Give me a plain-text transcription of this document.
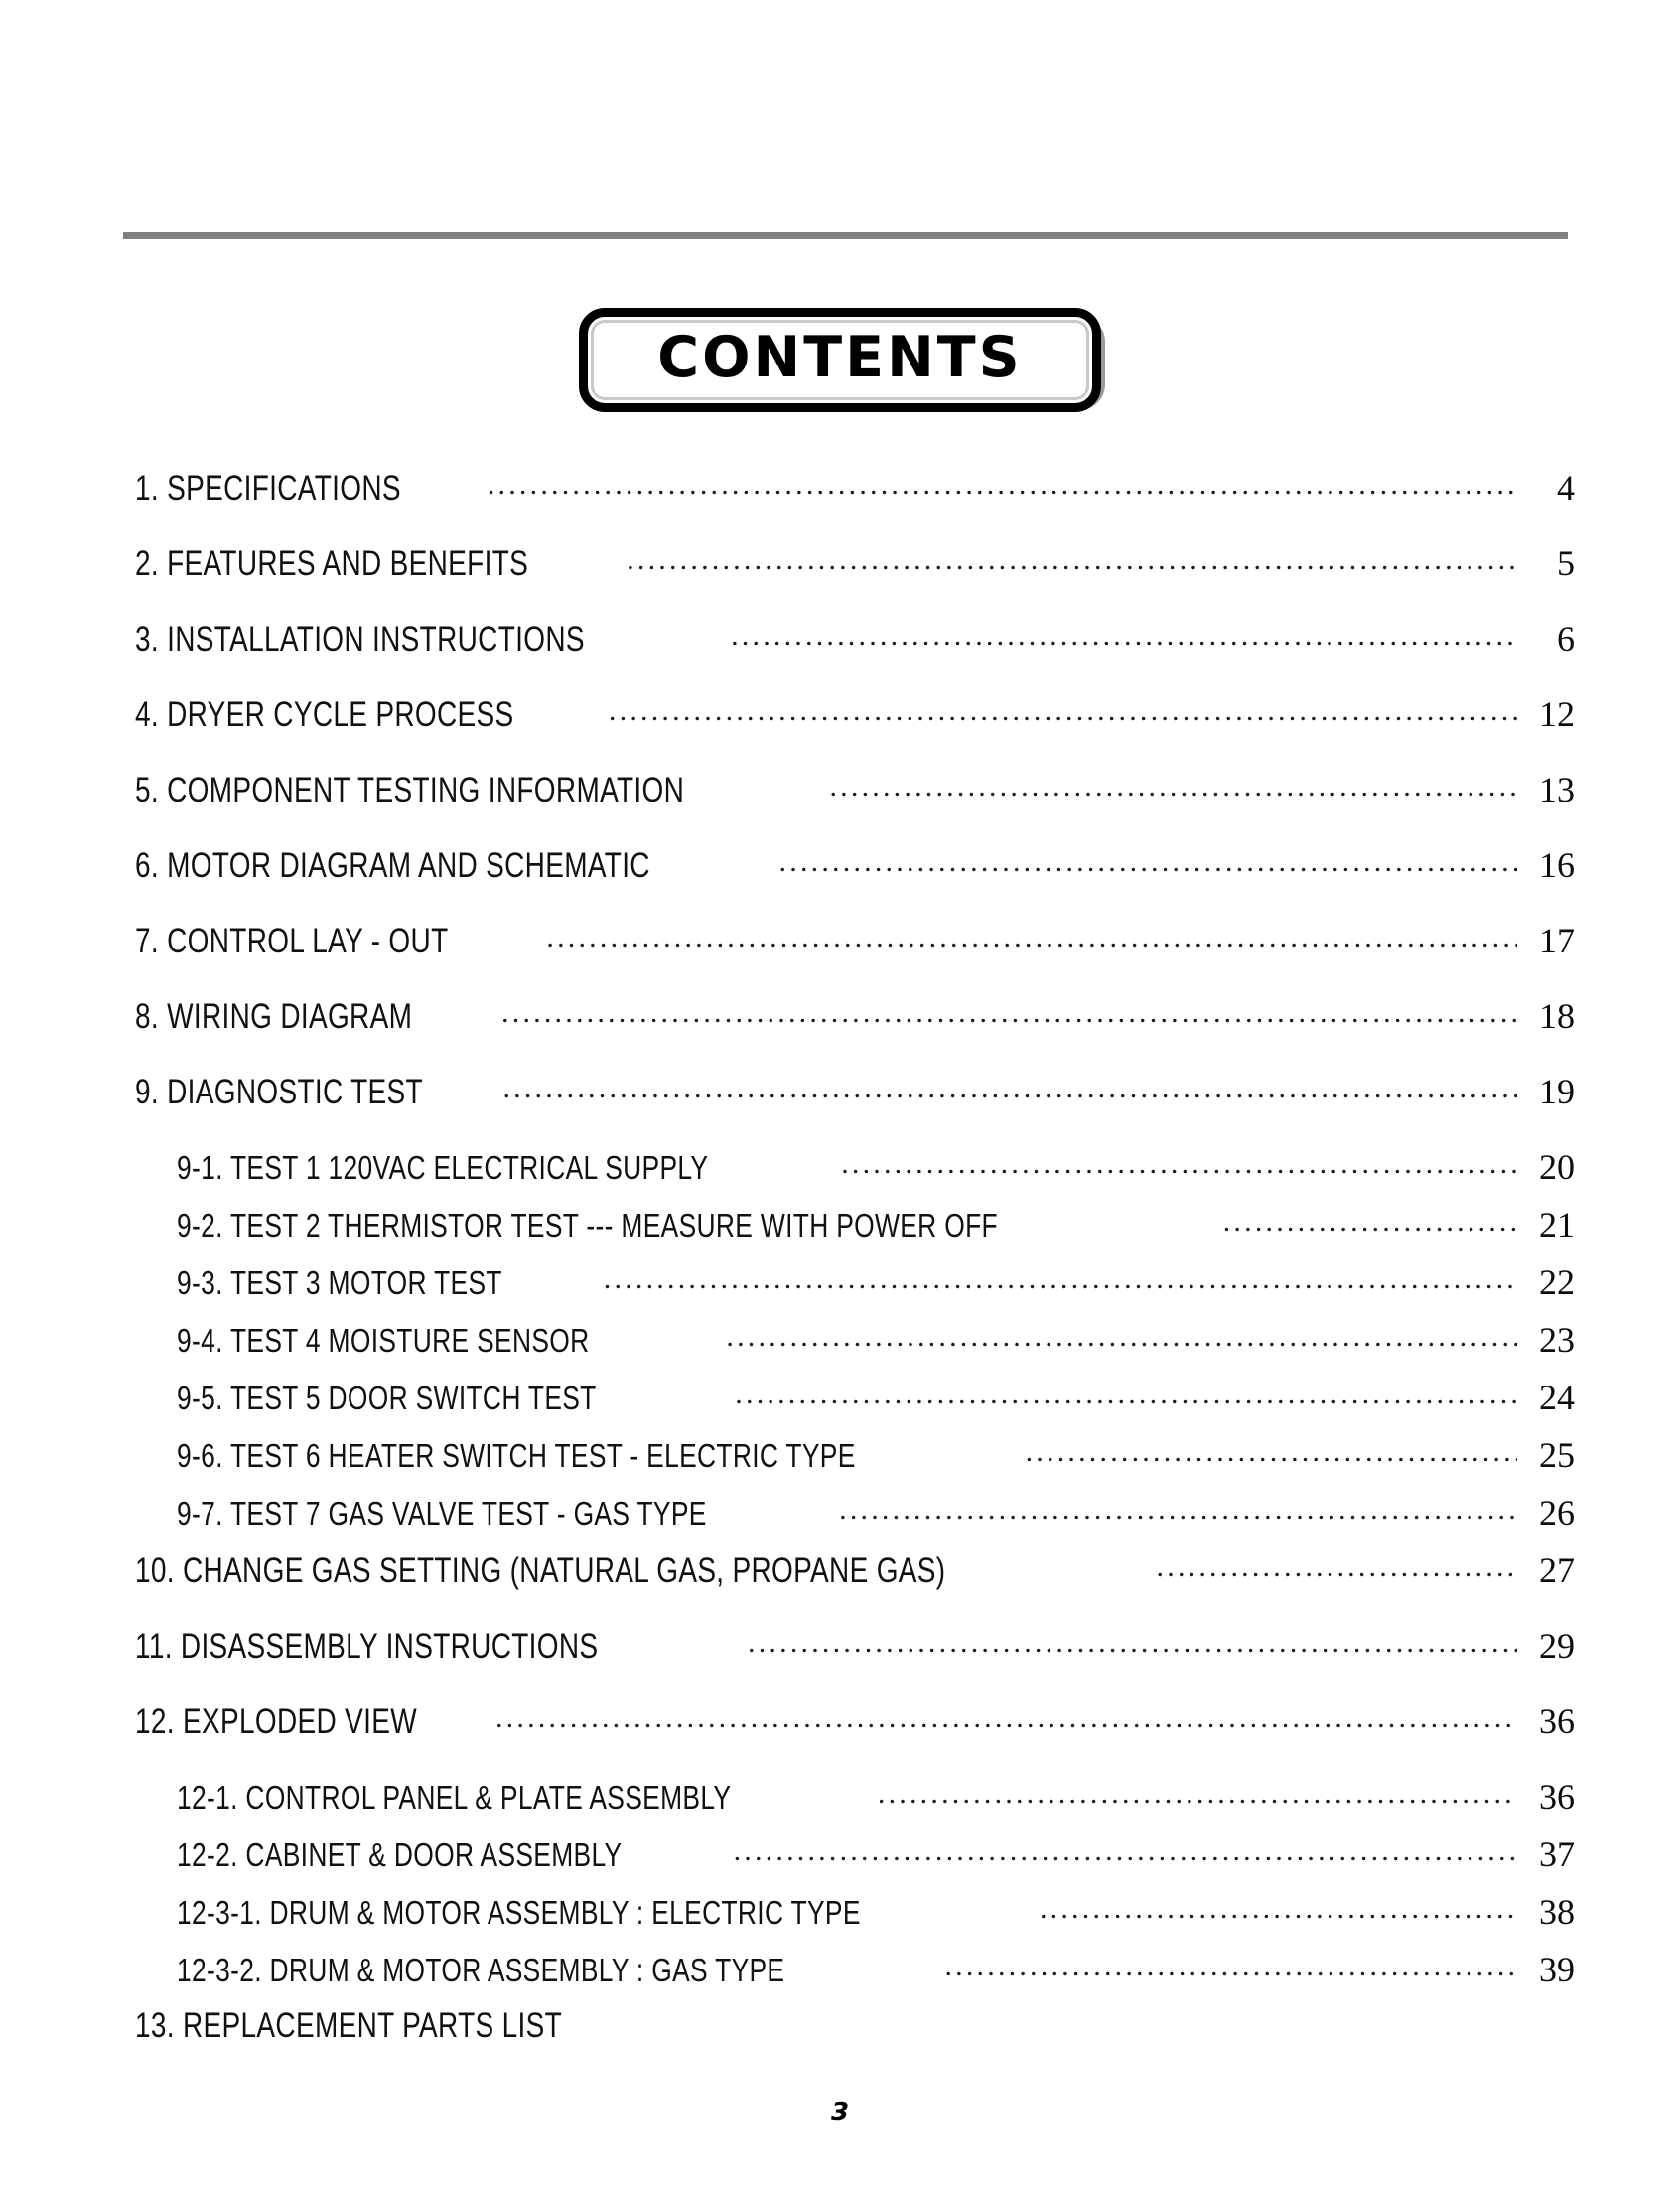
CONTENTS
1. SPECIFICATIONS .....	4
2. FEATURES AND BENEFITS .....	5
3. INSTALLATION INSTRUCTIONS .....	6
4. DRYER CYCLE PROCESS .....	12
5. COMPONENT TESTING INFORMATION .....	13
6. MOTOR DIAGRAM AND SCHEMATIC .....	16
7. CONTROL LAY - OUT .....	17
8. WIRING DIAGRAM .....	18
9. DIAGNOSTIC TEST .....	19
9-1. TEST 1 120VAC ELECTRICAL SUPPLY .....	20
9-2. TEST 2 THERMISTOR TEST --- MEASURE WITH POWER OFF .....	21
9-3. TEST 3 MOTOR TEST .....	22
9-4. TEST 4 MOISTURE SENSOR .....	23
9-5. TEST 5 DOOR SWITCH TEST .....	24
9-6. TEST 6 HEATER SWITCH TEST - ELECTRIC TYPE .....	25
9-7. TEST 7 GAS VALVE TEST - GAS TYPE .....	26
10. CHANGE GAS SETTING (NATURAL GAS, PROPANE GAS) .....	27
11. DISASSEMBLY INSTRUCTIONS .....	29
12. EXPLODED VIEW .....	36
12-1. CONTROL PANEL & PLATE ASSEMBLY .....	36
12-2. CABINET & DOOR ASSEMBLY .....	37
12-3-1. DRUM & MOTOR ASSEMBLY : ELECTRIC TYPE .....	38
12-3-2. DRUM & MOTOR ASSEMBLY : GAS TYPE .....	39
13. REPLACEMENT PARTS LIST
3
